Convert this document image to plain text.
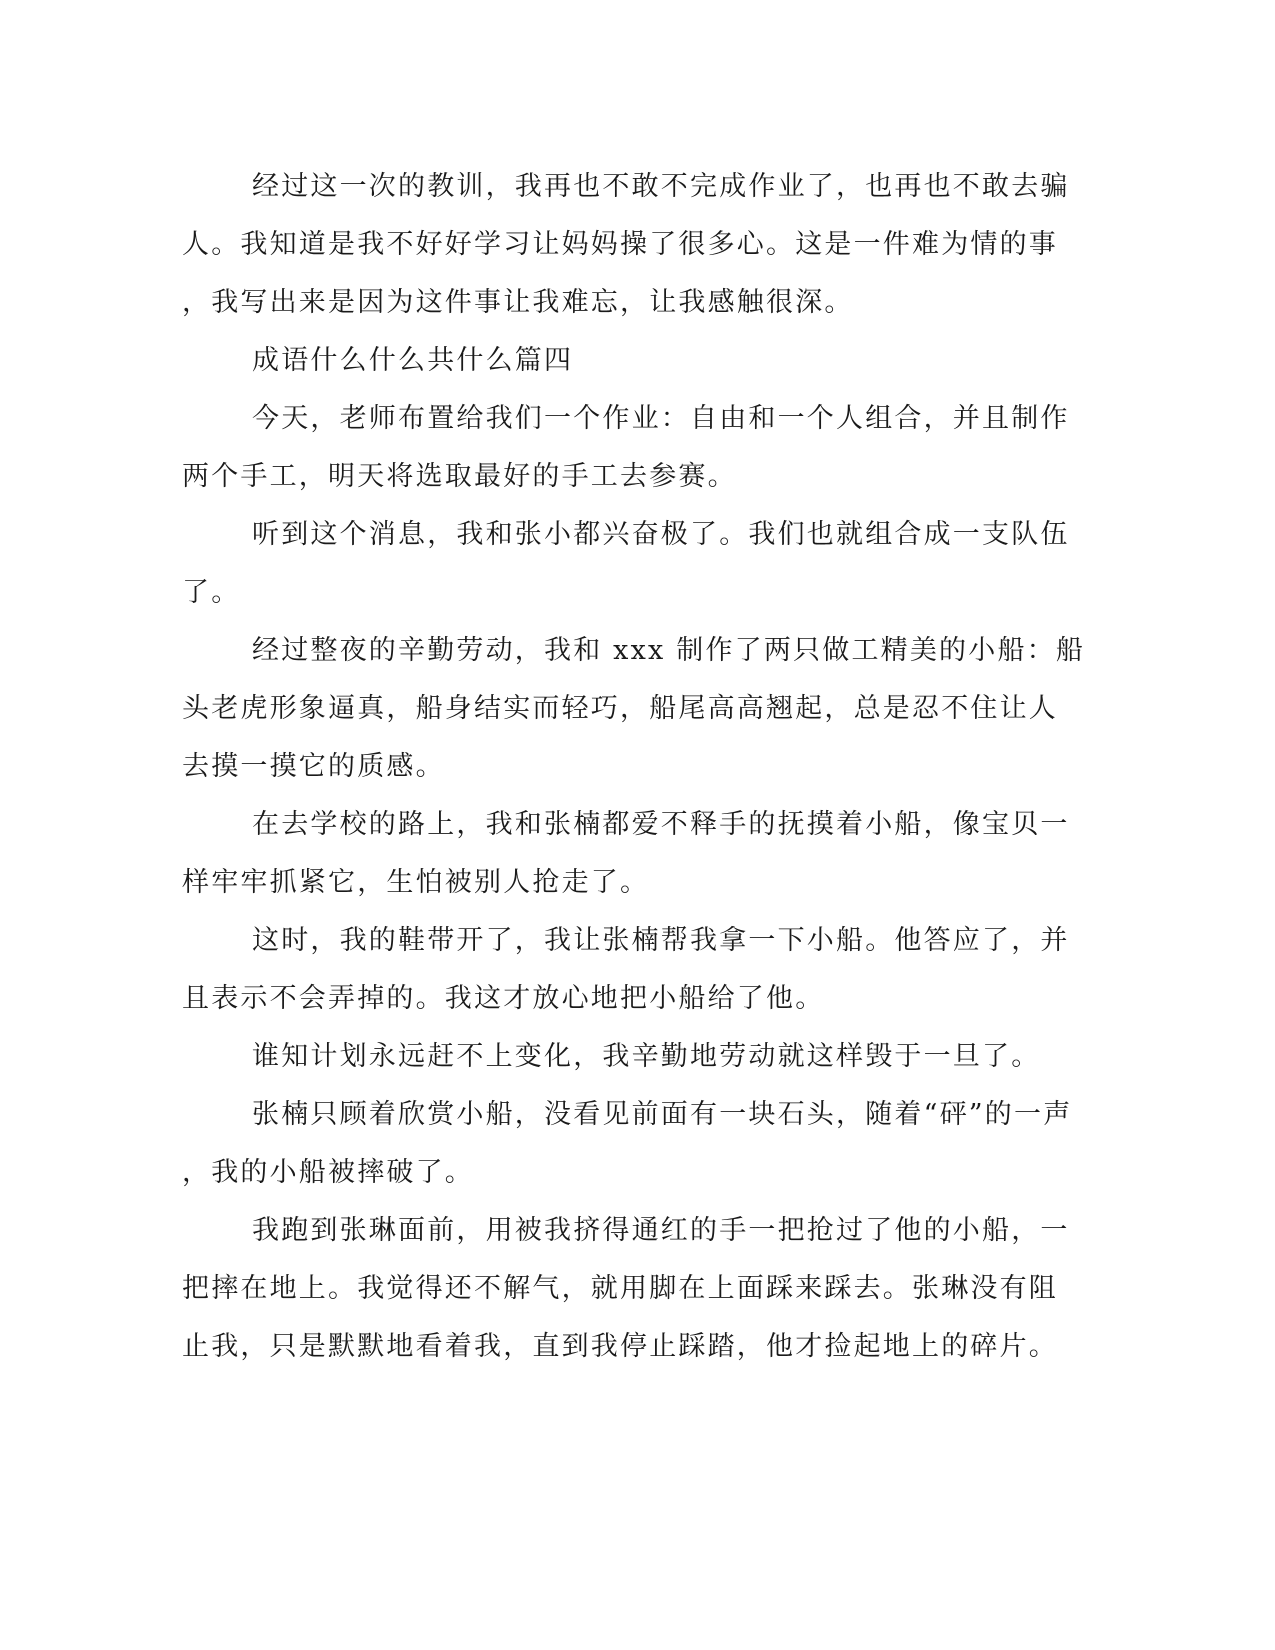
经过这一次的教训，我再也不敢不完成作业了，也再也不敢去骗
人。我知道是我不好好学习让妈妈操了很多心。这是一件难为情的事
，我写出来是因为这件事让我难忘，让我感触很深。
成语什么什么共什么篇四
今天，老师布置给我们一个作业：自由和一个人组合，并且制作
两个手工，明天将选取最好的手工去参赛。
听到这个消息，我和张小都兴奋极了。我们也就组合成一支队伍
了。
经过整夜的辛勤劳动，我和 xxx 制作了两只做工精美的小船：船
头老虎形象逼真，船身结实而轻巧，船尾高高翘起，总是忍不住让人
去摸一摸它的质感。
在去学校的路上，我和张楠都爱不释手的抚摸着小船，像宝贝一
样牢牢抓紧它，生怕被别人抢走了。
这时，我的鞋带开了，我让张楠帮我拿一下小船。他答应了，并
且表示不会弄掉的。我这才放心地把小船给了他。
谁知计划永远赶不上变化，我辛勤地劳动就这样毁于一旦了。
张楠只顾着欣赏小船，没看见前面有一块石头，随着“砰”的一声
，我的小船被摔破了。
我跑到张琳面前，用被我挤得通红的手一把抢过了他的小船，一
把摔在地上。我觉得还不解气，就用脚在上面踩来踩去。张琳没有阻
止我，只是默默地看着我，直到我停止踩踏，他才捡起地上的碎片。
